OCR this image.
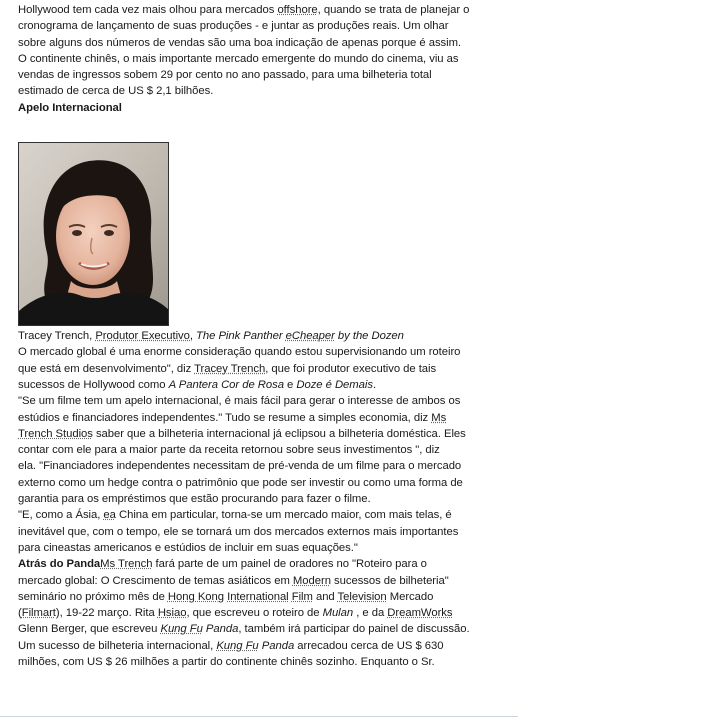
Hollywood tem cada vez mais olhou para mercados offshore, quando se trata de planejar o
cronograma de lançamento de suas produções - e juntar as produções reais. Um olhar
sobre alguns dos números de vendas são uma boa indicação de apenas porque é assim.
O continente chinês, o mais importante mercado emergente do mundo do cinema, viu as
vendas de ingressos sobem 29 por cento no ano passado, para uma bilheteria total
estimado de cerca de US $ 2,1 bilhões.
Apelo Internacional
Tracey Trench, Produtor Executivo, The Pink Panther eCheaper by the Dozen
O mercado global é uma enorme consideração quando estou supervisionando um roteiro
que está em desenvolvimento", diz Tracey Trench, que foi produtor executivo de tais
sucessos de Hollywood como A Pantera Cor de Rosa e Doze é Demais.
"Se um filme tem um apelo internacional, é mais fácil para gerar o interesse de ambos os
estúdios e financiadores independentes." Tudo se resume a simples economia, diz Ms
Trench Studios saber que a bilheteria internacional já eclipsou a bilheteria doméstica. Eles
contar com ele para a maior parte da receita retornou sobre seus investimentos ", diz
ela. "Financiadores independentes necessitam de pré-venda de um filme para o mercado
externo como um hedge contra o patrimônio que pode ser investir ou como uma forma de
garantia para os empréstimos que estão procurando para fazer o filme.
"E, como a Ásia, ea China em particular, torna-se um mercado maior, com mais telas, é
inevitável que, com o tempo, ele se tornará um dos mercados externos mais importantes
para cineastas americanos e estúdios de incluir em suas equações."
Atrás do PandaMs Trench fará parte de um painel de oradores no "Roteiro para o
mercado global: O Crescimento de temas asiáticos em Modern sucessos de bilheteria"
seminário no próximo mês de Hong Kong International Film and Television Mercado
(Filmart), 19-22 março. Rita Hsiao, que escreveu o roteiro de Mulan , e da DreamWorks
Glenn Berger, que escreveu Kung Fu Panda, também irá participar do painel de discussão.
Um sucesso de bilheteria internacional, Kung Fu Panda arrecadou cerca de US $ 630
milhões, com US $ 26 milhões a partir do continente chinês sozinho. Enquanto o Sr.
